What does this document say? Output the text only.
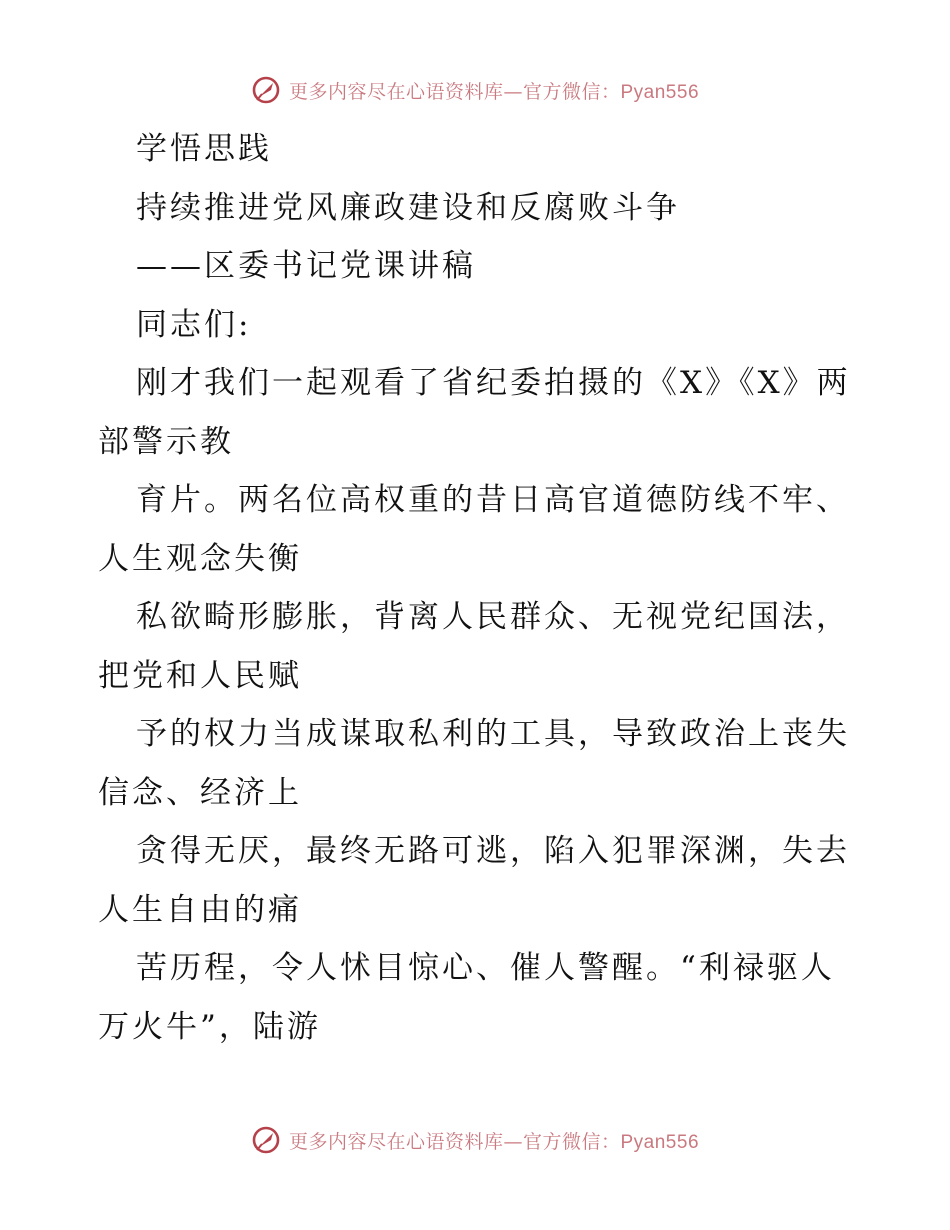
更多内容尽在心语资料库—官方微信：Pyan556
学悟思践
持续推进党风廉政建设和反腐败斗争
——区委书记党课讲稿
同志们:
刚才我们一起观看了省纪委拍摄的《X》《X》两
部警示教
育片。两名位高权重的昔日高官道德防线不牢、
人生观念失衡
私欲畸形膨胀，背离人民群众、无视党纪国法，
把党和人民赋
予的权力当成谋取私利的工具，导致政治上丧失
信念、经济上
贪得无厌，最终无路可逃，陷入犯罪深渊，失去
人生自由的痛
苦历程，令人怵目惊心、催人警醒。“利禄驱人
万火牛”，陆游
更多内容尽在心语资料库—官方微信：Pyan556
